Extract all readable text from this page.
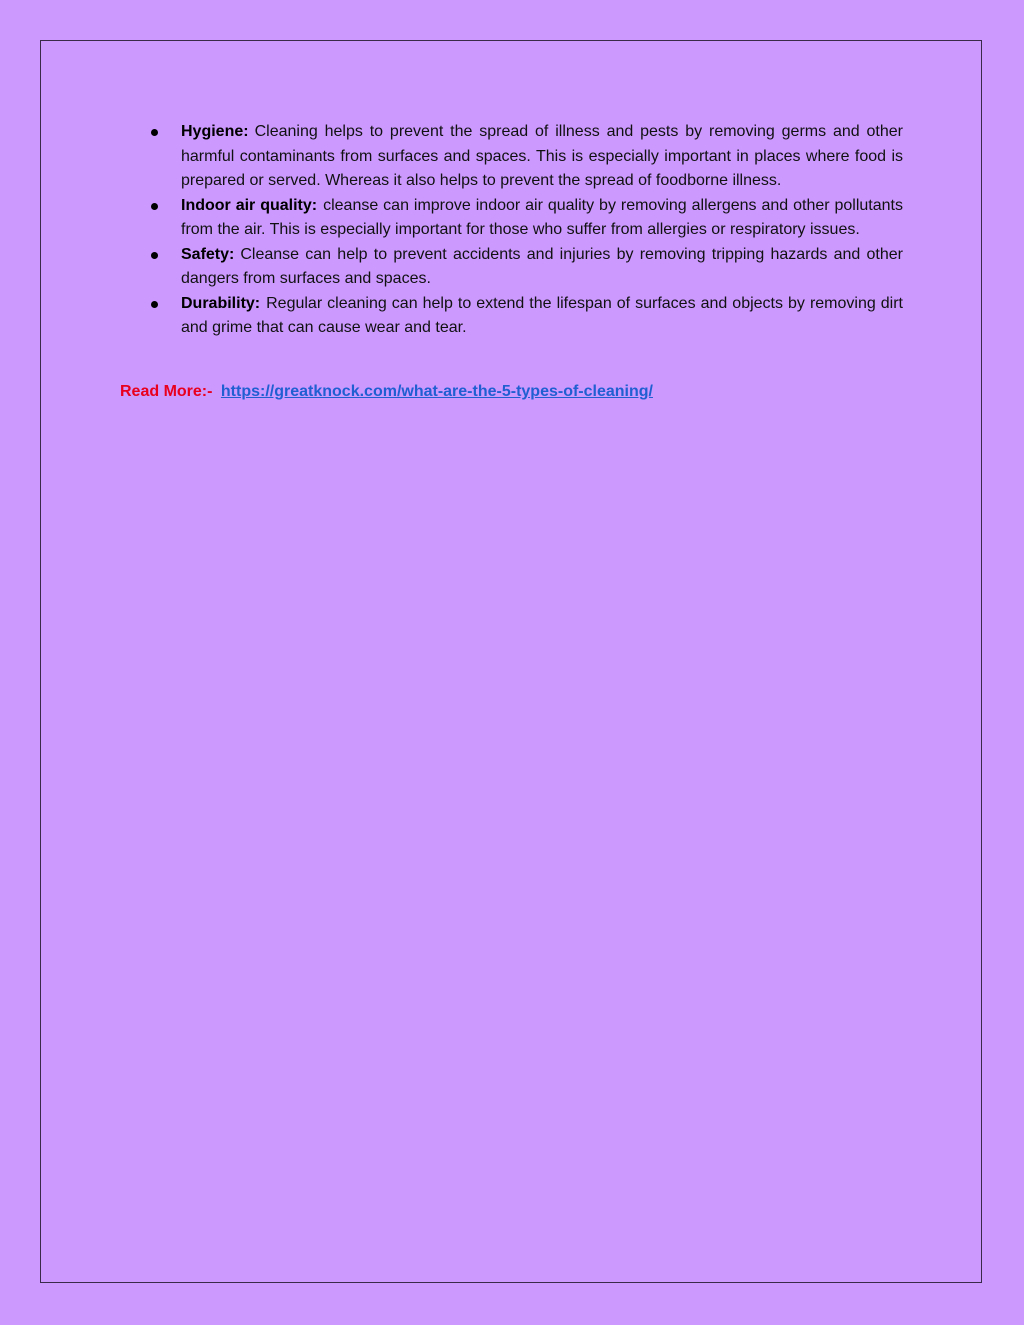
Hygiene: Cleaning helps to prevent the spread of illness and pests by removing germs and other harmful contaminants from surfaces and spaces. This is especially important in places where food is prepared or served. Whereas it also helps to prevent the spread of foodborne illness.
Indoor air quality: cleanse can improve indoor air quality by removing allergens and other pollutants from the air. This is especially important for those who suffer from allergies or respiratory issues.
Safety: Cleanse can help to prevent accidents and injuries by removing tripping hazards and other dangers from surfaces and spaces.
Durability: Regular cleaning can help to extend the lifespan of surfaces and objects by removing dirt and grime that can cause wear and tear.
Read More:- https://greatknock.com/what-are-the-5-types-of-cleaning/
